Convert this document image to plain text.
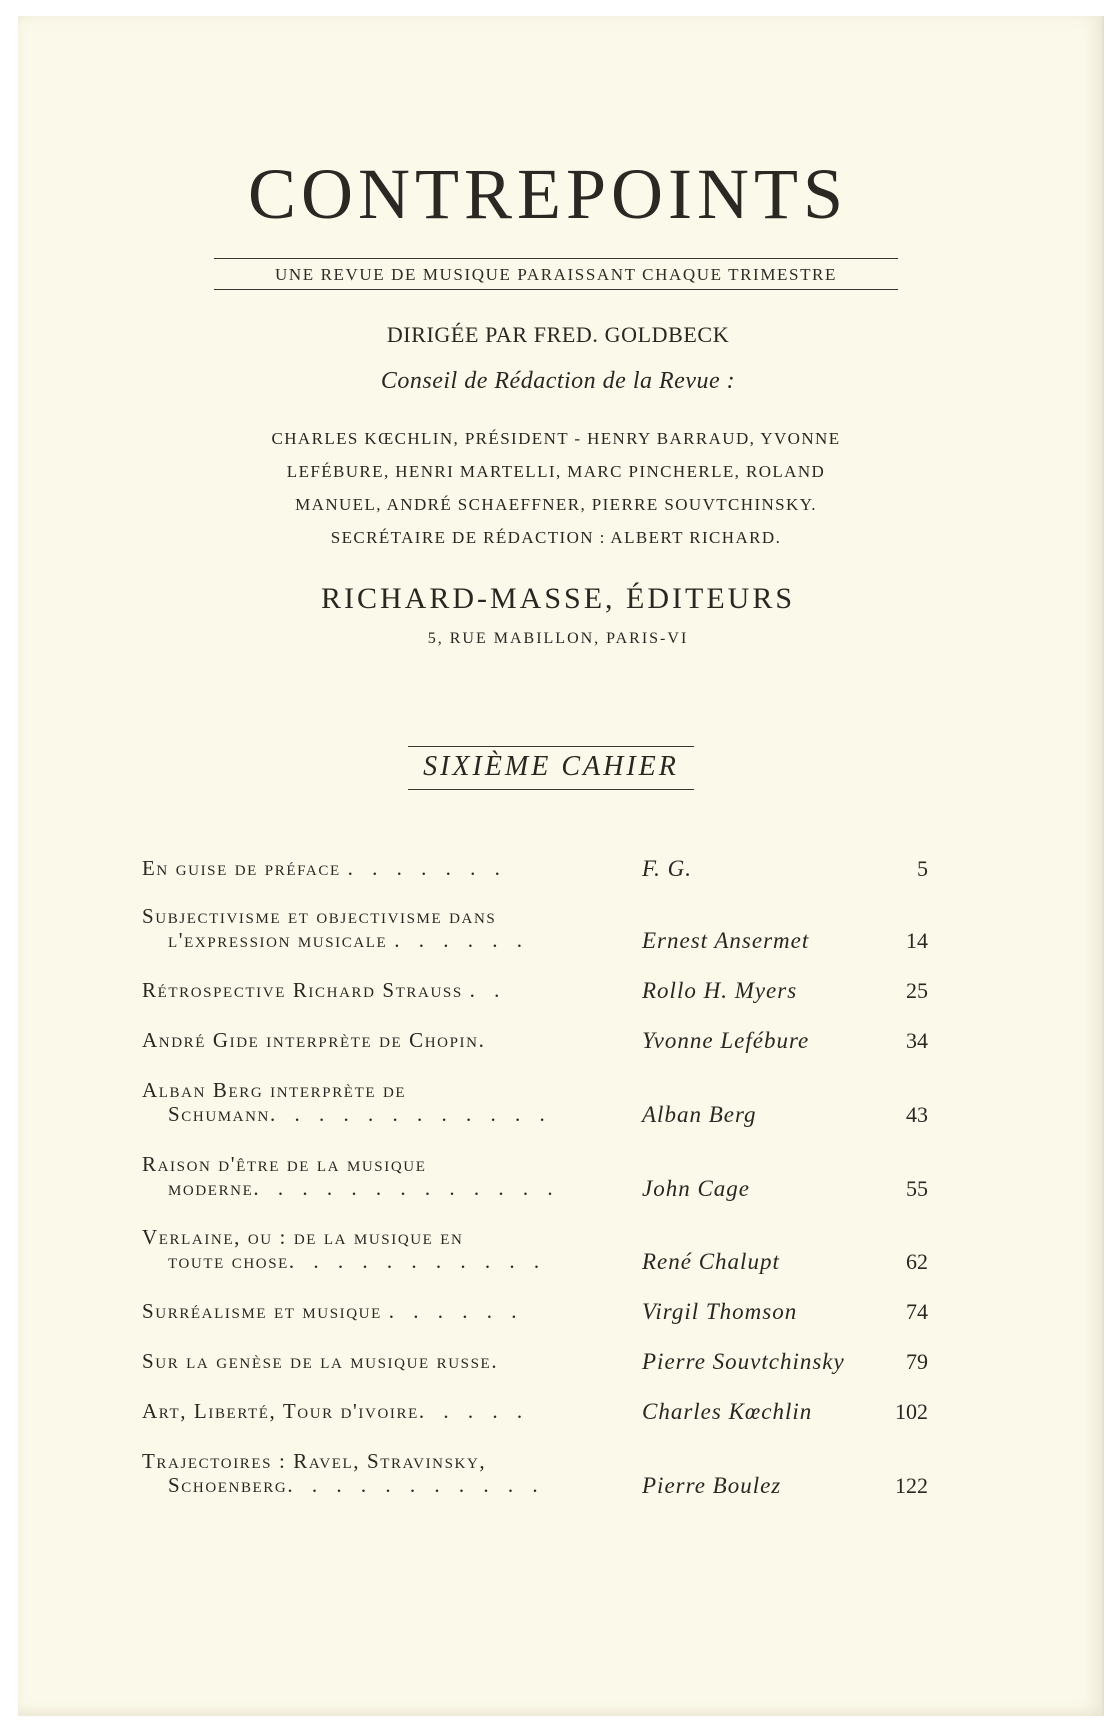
CONTREPOINTS
UNE REVUE DE MUSIQUE PARAISSANT CHAQUE TRIMESTRE
DIRIGÉE PAR FRED. GOLDBECK
Conseil de Rédaction de la Revue :
CHARLES KŒCHLIN, PRÉSIDENT - HENRY BARRAUD, YVONNE
LEFÉBURE, HENRI MARTELLI, MARC PINCHERLE, ROLAND
MANUEL, ANDRÉ SCHAEFFNER, PIERRE SOUVTCHINSKY.
SECRÉTAIRE DE RÉDACTION : ALBERT RICHARD.
RICHARD-MASSE, ÉDITEURS
5, RUE MABILLON, PARIS-VI
SIXIÈME CAHIER
En guise de préface . . . . . . .	F. G.	5
Subjectivisme et objectivisme dans
l'expression musicale . . . . . .	Ernest Ansermet	14
Rétrospective Richard Strauss . .	Rollo H. Myers	25
André Gide interprète de Chopin.	Yvonne Lefébure	34
Alban Berg interprète de
Schumann. . . . . . . . . . . .	Alban Berg	43
Raison d'être de la musique
moderne. . . . . . . . . . . . .	John Cage	55
Verlaine, ou : de la musique en
toute chose. . . . . . . . . . .	René Chalupt	62
Surréalisme et musique . . . . . .	Virgil Thomson	74
Sur la genèse de la musique russe.	Pierre Souvtchinsky	79
Art, Liberté, Tour d'ivoire. . . . .	Charles Kœchlin	102
Trajectoires : Ravel, Stravinsky,
Schoenberg. . . . . . . . . . .	Pierre Boulez	122
